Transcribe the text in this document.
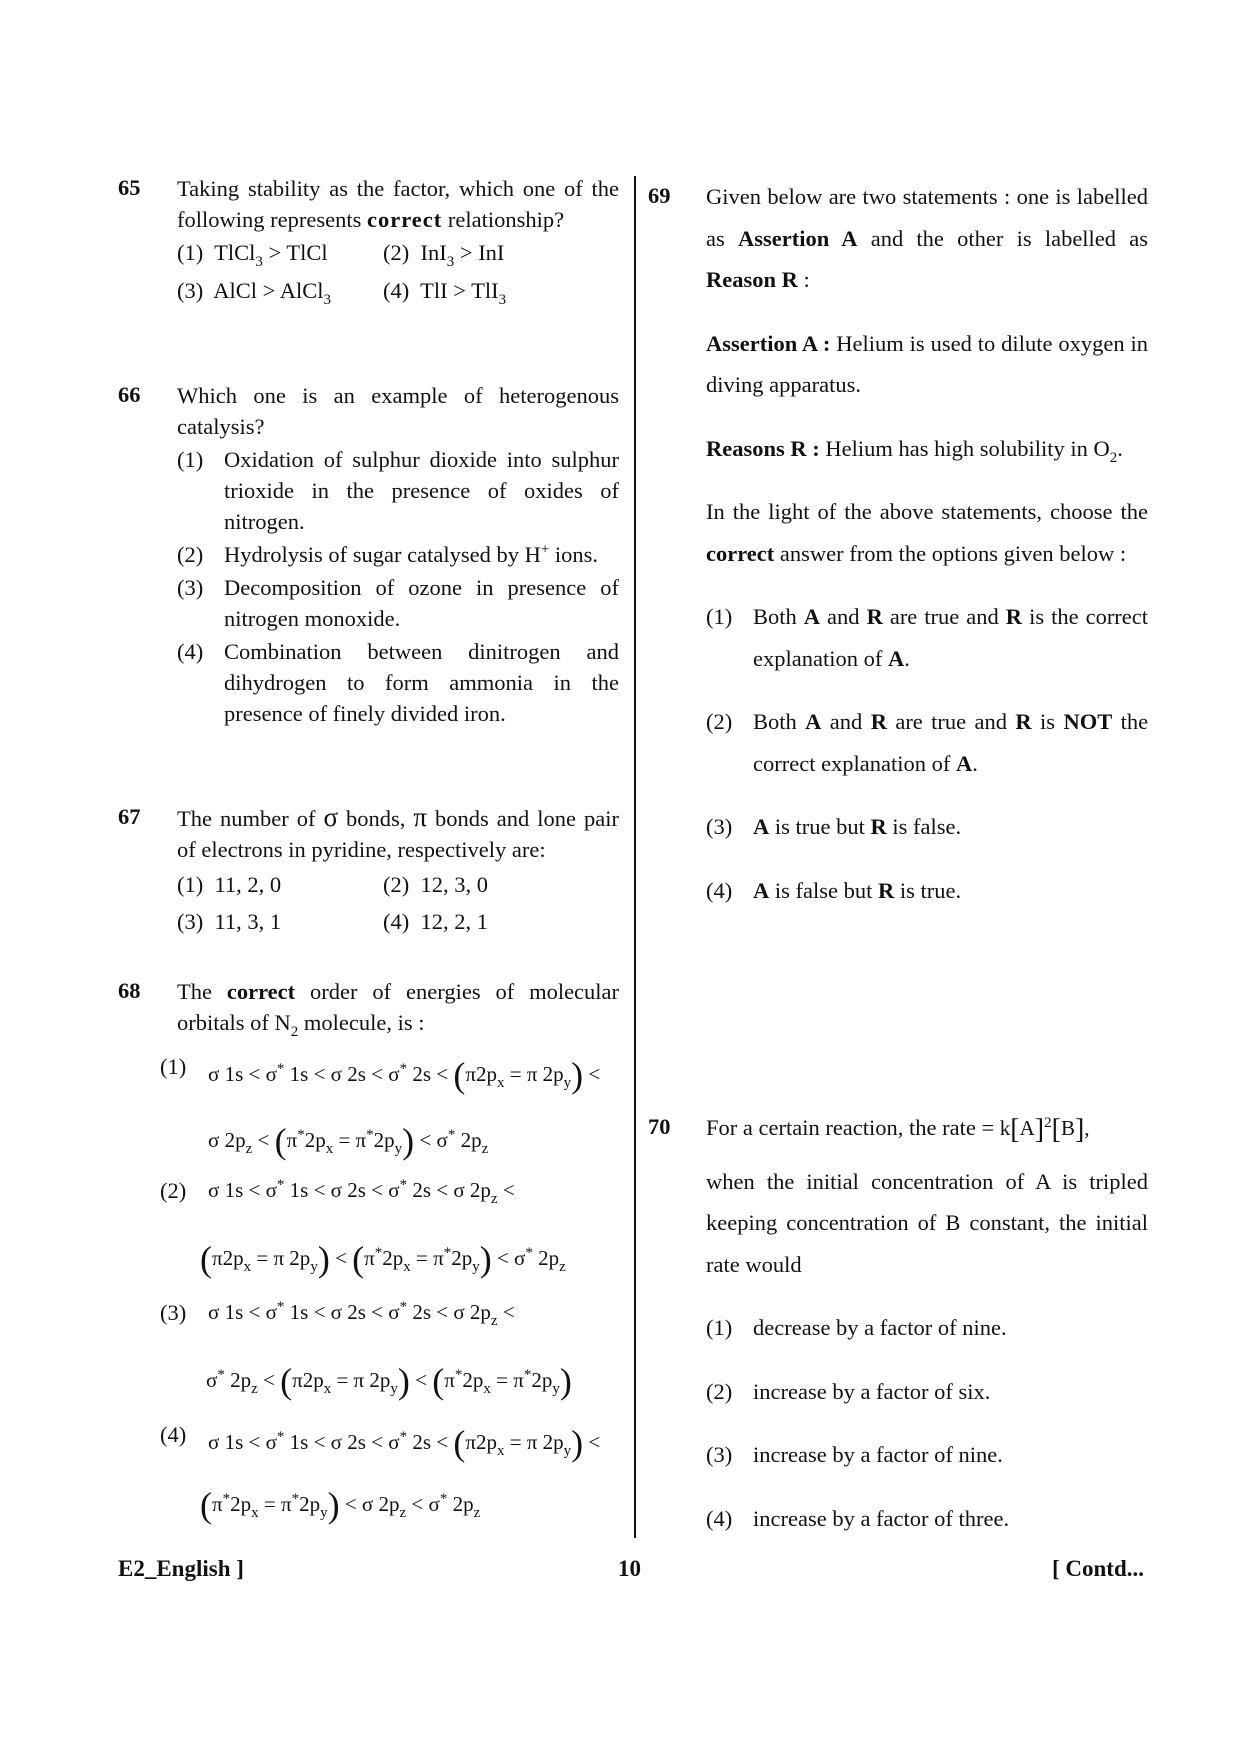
65 Taking stability as the factor, which one of the following represents correct relationship?
(1) TlCl$_3$ > TlCl	(2) InI$_3$ > InI
(3) AlCl > AlCl$_3$	(4) TlI > TlI$_3$
66 Which one is an example of heterogenous catalysis?
(1) Oxidation of sulphur dioxide into sulphur trioxide in the presence of oxides of nitrogen.
(2) Hydrolysis of sugar catalysed by H+ ions.
(3) Decomposition of ozone in presence of nitrogen monoxide.
(4) Combination between dinitrogen and dihydrogen to form ammonia in the presence of finely divided iron.
67 The number of σ bonds, π bonds and lone pair of electrons in pyridine, respectively are:
(1) 11, 2, 0	(2) 12, 3, 0
(3) 11, 3, 1	(4) 12, 2, 1
68 The correct order of energies of molecular orbitals of $N_2$ molecule, is :
(1) σ 1s < σ* 1s < σ 2s < σ* $2s < (\pi 2p_x = \pi$ $2p_y$) <
σ $2p_z < (\pi^*2p_x = \pi^*2p_y) < \sigma^*$ $2p_z$
(2) σ 1s < σ* 1s < σ 2s < σ* 2s < σ $2p_z$ <
($\pi 2p_x = \pi$ $2p_y) < (\pi^*2p_x = \pi^*2p_y) < \sigma^*$ $2p_z$
(3) σ 1s < σ* 1s < σ 2s < σ* 2s < σ $2p_z$ <
σ* $2p_z < (\pi 2p_x = \pi$ $2p_y) < (\pi^*2p_x = \pi^*2p_y)$
(4) σ 1s < σ* 1s < σ 2s < σ* $2s < (\pi 2p_x = \pi$ $2p_y$) <
$(\pi^*2p_x = \pi^*2p_y) < \sigma$ $2p_z < \sigma^*$ $2p_z$
69 Given below are two statements : one is labelled as Assertion A and the other is labelled as Reason R :
Assertion A : Helium is used to dilute oxygen in diving apparatus.
Reasons R : Helium has high solubility in $O_2$.
In the light of the above statements, choose the correct answer from the options given below :
(1) Both A and R are true and R is the correct explanation of A.
(2) Both A and R are true and R is NOT the correct explanation of A.
(3) A is true but R is false.
(4) A is false but R is true.
70 For a certain reaction, the rate = $k[A]^2[B]$,
when the initial concentration of A is tripled keeping concentration of B constant, the initial rate would
(1) decrease by a factor of nine.
(2) increase by a factor of six.
(3) increase by a factor of nine.
(4) increase by a factor of three.
E2_English ]	10	[ Contd...
